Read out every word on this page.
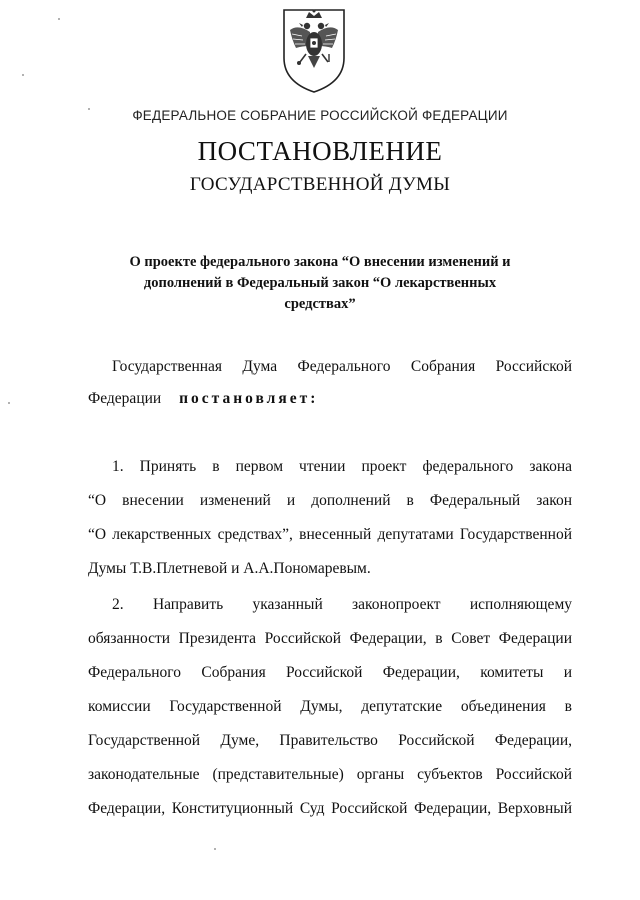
ФЕДЕРАЛЬНОЕ СОБРАНИЕ РОССИЙСКОЙ ФЕДЕРАЦИИ
ПОСТАНОВЛЕНИЕ
ГОСУДАРСТВЕННОЙ ДУМЫ
О проекте федерального закона “О внесении изменений и
дополнений в Федеральный закон “О лекарственных
средствах”
Государственная Дума Федерального Собрания Российской
Федерации постановляет:
1. Принять в первом чтении проект федерального закона
“О внесении изменений и дополнений в Федеральный закон
“О лекарственных средствах”, внесенный депутатами Государственной
Думы Т.В.Плетневой и А.А.Пономаревым.
2. Направить указанный законопроект исполняющему
обязанности Президента Российской Федерации, в Совет Федерации
Федерального Собрания Российской Федерации, комитеты и
комиссии Государственной Думы, депутатские объединения в
Государственной Думе, Правительство Российской Федерации,
законодательные (представительные) органы субъектов Российской
Федерации, Конституционный Суд Российской Федерации, Верховный
